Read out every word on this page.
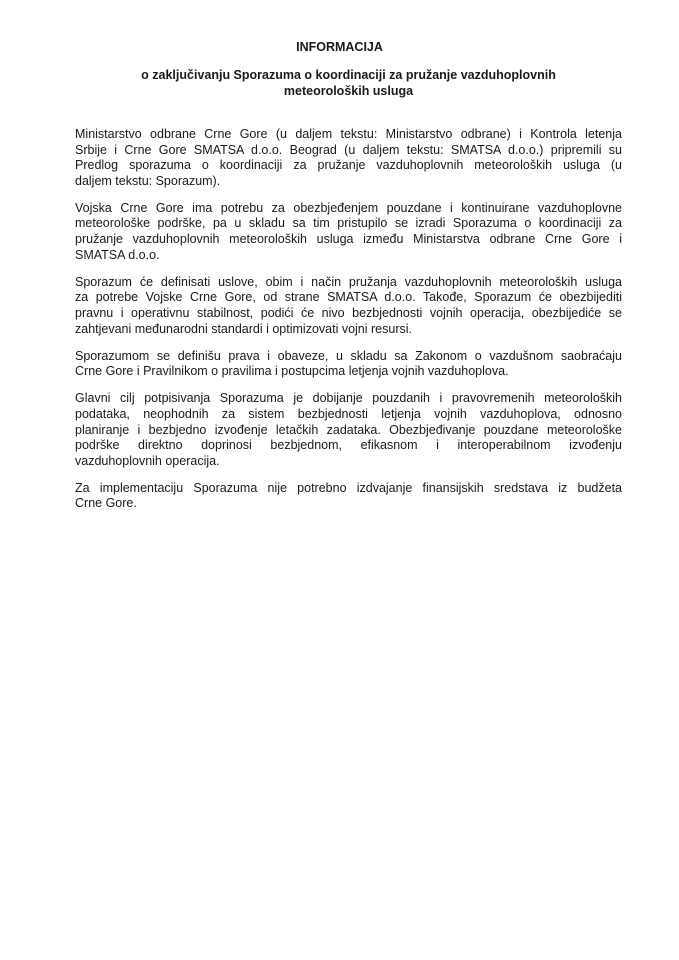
INFORMACIJA
o zaključivanju Sporazuma o koordinaciji za pružanje vazduhoplovnih
meteoroloških usluga
Ministarstvo odbrane Crne Gore (u daljem tekstu: Ministarstvo odbrane) i Kontrola letenja
Srbije i Crne Gore SMATSA d.o.o. Beograd (u daljem tekstu: SMATSA d.o.o.) pripremili su
Predlog sporazuma o koordinaciji za pružanje vazduhoplovnih meteoroloških usluga (u
daljem tekstu: Sporazum).
Vojska Crne Gore ima potrebu za obezbjeđenjem pouzdane i kontinuirane vazduhoplovne
meteorološke podrške, pa u skladu sa tim pristupilo se izradi Sporazuma o koordinaciji za
pružanje vazduhoplovnih meteoroloških usluga između Ministarstva odbrane Crne Gore i
SMATSA d.o.o.
Sporazum će definisati uslove, obim i način pružanja vazduhoplovnih meteoroloških usluga
za potrebe Vojske Crne Gore, od strane SMATSA d.o.o. Takođe, Sporazum će obezbijediti
pravnu i operativnu stabilnost, podići će nivo bezbjednosti vojnih operacija, obezbijediće se
zahtjevani međunarodni standardi i optimizovati vojni resursi.
Sporazumom se definišu prava i obaveze, u skladu sa Zakonom o vazdušnom saobraćaju
Crne Gore i Pravilnikom o pravilima i postupcima letjenja vojnih vazduhoplova.
Glavni cilj potpisivanja Sporazuma je dobijanje pouzdanih i pravovremenih meteoroloških
podataka, neophodnih za sistem bezbjednosti letjenja vojnih vazduhoplova, odnosno
planiranje i bezbjedno izvođenje letačkih zadataka. Obezbjeđivanje pouzdane meteorološke
podrške direktno doprinosi bezbjednom, efikasnom i interoperabilnom izvođenju
vazduhoplovnih operacija.
Za implementaciju Sporazuma nije potrebno izdvajanje finansijskih sredstava iz budžeta
Crne Gore.
